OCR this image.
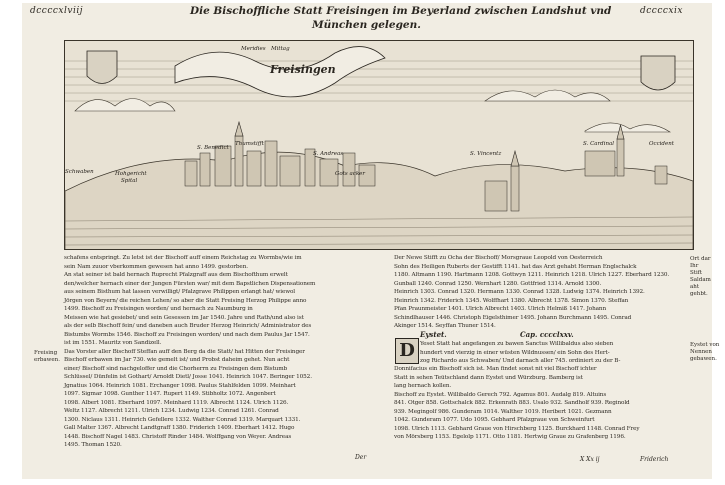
dccccxlviij	Die Bischoffliche Statt Freisingen im Beyerland zwischen Landshut vnd
München gelegen.
dccccxix
Freisingen
Meridies Mittag
S. Benedict
Thumstifft
S. Andreas
Hohgericht
Spital
Schwaben	Gots acker
S. Vincentz
S. Cardinal	Occident

schafens entspringt. Zu letst ist der Bischoff auff einem Reichstag zu Wormbs/wie im

sein Nam zuuor vberkommen gewesen hat anno 1499. gestorben.

An stat seiner ist bald hernach Ruprecht Pfalzgraff aus dem Bischofthum erwelt

den/welcher hernach einer der Jungen Fürsten war/ mit dem Bapstlichen Dispensationem

aus seinem Bisthum hat lassen verwilligt/ Pfalzgrave Philippen erlangt hat/ wiewol

Jörgen von Beyern/ die reichen Lehen/ so aber die Statt Freising Herzog Philippe anno

1499. Bischoff zu Freisingen worden/ und hernach zu Naumburg in

Meissen wie hat gesiebet/ und sein Gesessen im Jar 1540. Jahre und Rath/und also ist

als der selb Bischoff fein/ und daneben auch Bruder Herzog Heinrich/ Administrator des

Bistumbs Wormbs 1546. Bischoff zu Freisingen worden/ und nach dem Paulus Jar 1547.

ist im 1551. Mauritz von Sandizell.

Das Vorster aller Bischoff Steffan auff den Berg da die Statt/ hat Hitten der Freisinger

Bischoff erbawen im Jar 730. wie gemelt ist/ und Probst daheim gehet. Nun acht

einer/ Bischoff sind nachgeloffer und die Chorherrn zu Freisingen dem Bistumb

Schlüssel/ Dünfelin ist Gothart/ Arnoldt Dietl/ Josse 1041. Heinrich 1047. Beringer 1052.

Jgnatius 1064. Heinrich 1081. Erchanger 1098. Paulus Stahlfelden 1099. Meinhart

1097. Sigmar 1098. Gunther 1147. Rupert 1149. Stibholtz 1072. Angenbert

1098. Albert 1081. Eberhard 1097. Meinhard 1119. Albrecht 1124. Ulrich 1126.

Weltz 1127. Albrecht 1211. Ulrich 1234. Ludwig 1234. Conrad 1261. Conrad

1300. Niclaus 1311. Heinrich Gefellere 1332. Walther Conrad 1319. Marquart 1331.

Gall Malter 1367. Albrecht Landtgraff 1380. Friderich 1409. Eberhart 1412. Hugo

1448. Bischoff Nagel 1483. Christoff Rinder 1484. Wolffgang von Weyer. Andreas

1495. Thoman 1520.

Freising
erbawen.

Der Newe Stifft zu Ocha der Bischoff/ Morsgraue Leopold von Oesterreich

Sohn des Heiligen Ruberts der Gestifft 1141. hat das Arzt gehabt Herman Englschalck

1180. Altmann 1190. Hartmann 1208. Gottwyn 1211. Heinrich 1218. Ulrich 1227. Eberhard 1230.

Gunball 1240. Conrad 1250. Wernhart 1280. Gottfried 1314. Arnold 1300.

Heinrich 1303. Conrad 1320. Hermann 1330. Conrad 1328. Ludwig 1374. Heinrich 1392.

Heinrich 1342. Friderich 1345. Wolffhart 1380. Albrecht 1378. Simon 1370. Steffan

Pfan Praunmeister 1401. Ulrich Albrecht 1403. Ulrich Helmiß 1417. Johann

Schindlhauser 1446. Christoph Eigelsthimer 1495. Johann Burchmann 1495. Conrad

Akinger 1514. Seyffan Thuner 1514.

Ort dar
Ihr
Stift
Saldam
aht
gehbt.
Eystet.	Cap. cccclxxv.
D Yeset Statt hat angefangen zu bawen Sanctus Willibaldus also sieben

hundert vnd vierzig in einer wüsten Wildnussen/ ein Sohn des Hert-

zog Richardo aus Schwaben/ Und darnach aller 745. ordiniert zu der B-

Donnifacius ein Bischoff sich ist. Man findet sonst nit viel Bischoff ichter

Statt in sehen Teütschland dann Eystet und Würzburg. Bamberg ist

lang hernach kollen.

Bischoff zu Eystet. Willibaldo Gerech 792. Agamus 801. Audalg 819. Altuins

841. Otger 858. Gottschalck 882. Erkenrath 883. Usalo 932. Sandholf 939. Reginold

939. Megingolf 986. Gunderam 1014. Walther 1019. Heribert 1021. Gezmann

1042. Gunderam 1077. Udo 1095. Gebhard Pfalzgraue von Schweinfurt

1098. Ulrich 1113. Gebhard Graue von Hirschberg 1125. Burckhard 1148. Conrad Frey

von Mörsberg 1153. Egelolp 1171. Otto 1181. Hertwig Graue zu Grafenberg 1196.

Eystet von
Nennen
gebawen.
Der	X Xx ij	Friderich
